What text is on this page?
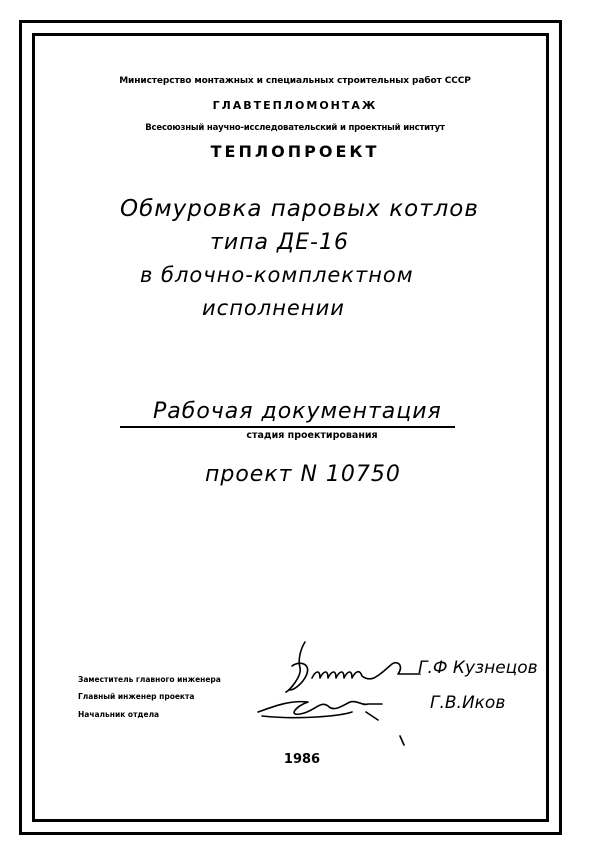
Министерство монтажных и специальных строительных работ СССР
ГЛАВТЕПЛОМОНТАЖ
Всесоюзный научно-исследовательский и проектный институт
ТЕПЛОПРОЕКТ
Обмуровка паровых котлов
типа ДЕ-16
в блочно-комплектном
исполнении
Рабочая документация
стадия проектирования
проект N 10750
Заместитель главного инженера
Главный инженер проекта
Начальник отдела
Г.Ф Кузнецов
Г.В.Иков
1986
